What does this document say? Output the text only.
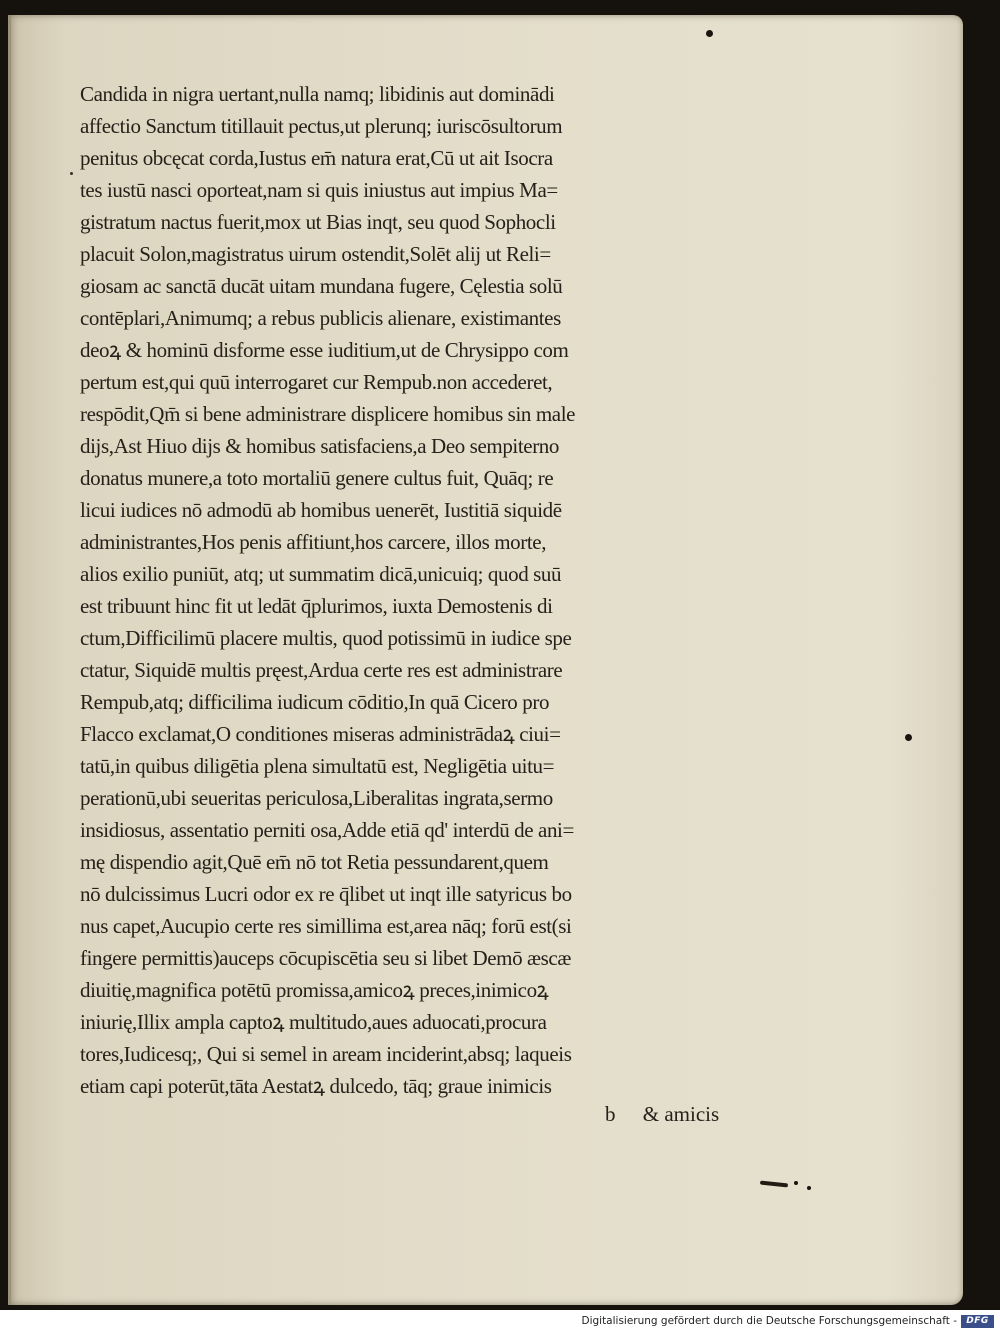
Candida in nigra uertant,nulla namq; libidinis aut dominādi
affectio Sanctum titillauit pectus,ut plerunq; iuriscōsultorum
penitus obcęcat corda,Iustus em̄ natura erat,Cū ut ait Isocra
tes iustū nasci oporteat,nam si quis iniustus aut impius Ma=
gistratum nactus fuerit,mox ut Bias inqt, seu quod Sophocli
placuit Solon,magistratus uirum ostendit,Solēt alij ut Reli=
giosam ac sanctā ducāt uitam mundana fugere, Cęlestia solū
contēplari,Animumq; a rebus publicis alienare, existimantes
deoꝝ & hominū disforme esse iuditium,ut de Chrysippo com
pertum est,qui quū interrogaret cur Rempub.non accederet,
respōdit,Qm̄ si bene administrare displicere homibus sin male
dijs,Ast Hiuo dijs & homibus satisfaciens,a Deo sempiterno
donatus munere,a toto mortaliū genere cultus fuit, Quāq; re
licui iudices nō admodū ab homibus uenerēt, Iustitiā siquidē
administrantes,Hos penis affitiunt,hos carcere, illos morte,
alios exilio puniūt, atq; ut summatim dicā,unicuiq; quod suū
est tribuunt hinc fit ut ledāt q̄plurimos, iuxta Demostenis di
ctum,Difficilimū placere multis, quod potissimū in iudice spe
ctatur, Siquidē multis pręest,Ardua certe res est administrare
Rempub,atq; difficilima iudicum cōditio,In quā Cicero pro
Flacco exclamat,O conditiones miseras administrādaꝝ ciui=
tatū,in quibus diligētia plena simultatū est, Negligētia uitu=
perationū,ubi seueritas periculosa,Liberalitas ingrata,sermo
insidiosus, assentatio perniti osa,Adde etiā qd' interdū de ani=
mę dispendio agit,Quē em̄ nō tot Retia pessundarent,quem
nō dulcissimus Lucri odor ex re q̄libet ut inqt ille satyricus bo
nus capet,Aucupio certe res simillima est,area nāq; forū est(si
fingere permittis)auceps cōcupiscētia seu si libet Demō æscæ
diuitię,magnifica potētū promissa,amicoꝝ preces,inimicoꝝ
iniurię,Illix ampla captoꝝ multitudo,aues aduocati,procura
tores,Iudicesq;, Qui si semel in aream inciderint,absq; laqueis
etiam capi poterūt,tāta Aestatꝝ dulcedo, tāq; graue inimicis
b & amicis
Digitalisierung gefördert durch die Deutsche Forschungsgemeinschaft -	DFG
